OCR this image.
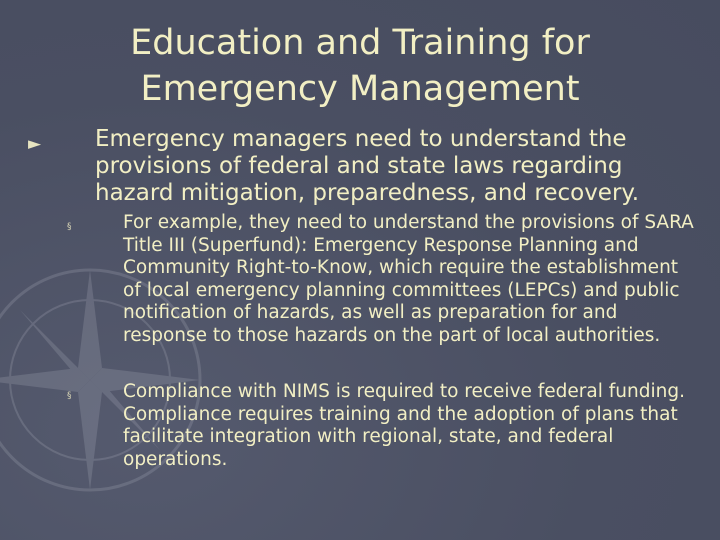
Education and Training for
Emergency Management
► Emergency managers need to understand the provisions of federal and state laws regarding hazard mitigation, preparedness, and recovery.
§	For example, they need to understand the provisions of SARA Title III (Superfund): Emergency Response Planning and Community Right-to-Know, which require the establishment of local emergency planning committees (LEPCs) and public notification of hazards, as well as preparation for and response to those hazards on the part of local authorities.
§	Compliance with NIMS is required to receive federal funding. Compliance requires training and the adoption of plans that facilitate integration with regional, state, and federal operations.
